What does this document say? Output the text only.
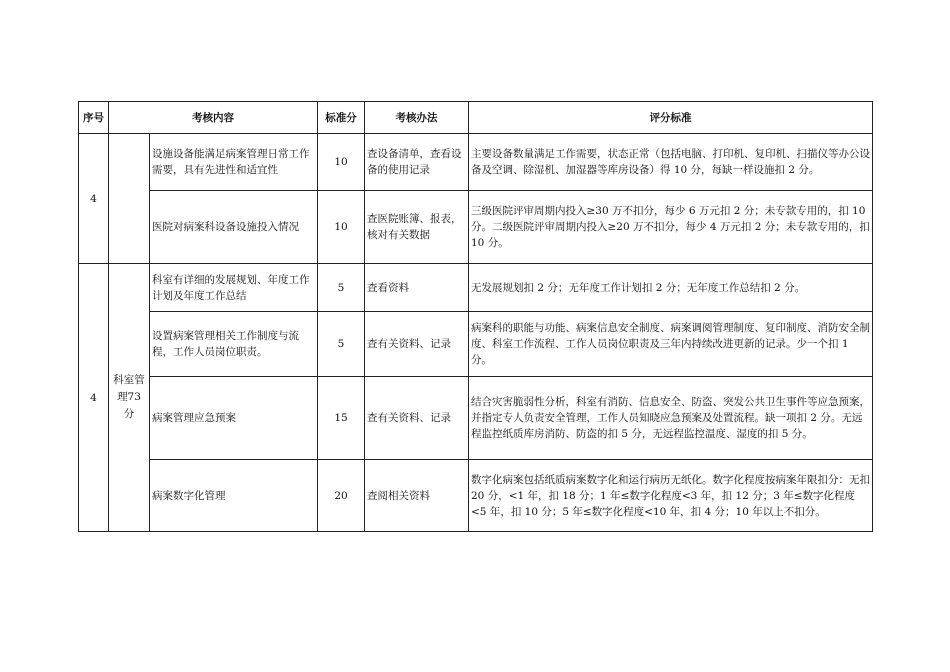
序号	考核内容		标准分	考核办法	评分标准
4		设施设备能满足病案管理日常工作需要，具有先进性和适宜性	10	查设备清单，查看设备的使用记录	主要设备数量满足工作需要，状态正常（包括电脑、打印机、复印机、扫描仪等办公设备及空调、除湿机、加湿器等库房设备）得 10 分，每缺一样设施扣 2 分。
		医院对病案科设备设施投入情况	10	查医院账簿、报表，核对有关数据	三级医院评审周期内投入≥30 万不扣分，每少 6 万元扣 2 分；未专款专用的，扣 10 分。二级医院评审周期内投入≥20 万不扣分，每少 4 万元扣 2 分；未专款专用的，扣 10 分。
4	科室管理73 分	科室有详细的发展规划、年度工作计划及年度工作总结	5	查看资料	无发展规划扣 2 分；无年度工作计划扣 2 分；无年度工作总结扣 2 分。
		设置病案管理相关工作制度与流程，工作人员岗位职责。	5	查有关资料、记录	病案科的职能与功能、病案信息安全制度、病案调阅管理制度、复印制度、消防安全制度、科室工作流程、工作人员岗位职责及三年内持续改进更新的记录。少一个扣 1 分。
		病案管理应急预案	15	查有关资料、记录	结合灾害脆弱性分析，科室有消防、信息安全、防盗、突发公共卫生事件等应急预案，并指定专人负责安全管理，工作人员知晓应急预案及处置流程。缺一项扣 2 分。无远程监控纸质库房消防、防盗的扣 5 分，无远程监控温度、湿度的扣 5 分。
		病案数字化管理	20	查阅相关资料	数字化病案包括纸质病案数字化和运行病历无纸化。数字化程度按病案年限扣分：无扣 20 分，<1 年，扣 18 分；1 年≤数字化程度<3 年，扣 12 分；3 年≤数字化程度<5 年，扣 10 分；5 年≤数字化程度<10 年，扣 4 分；10 年以上不扣分。
